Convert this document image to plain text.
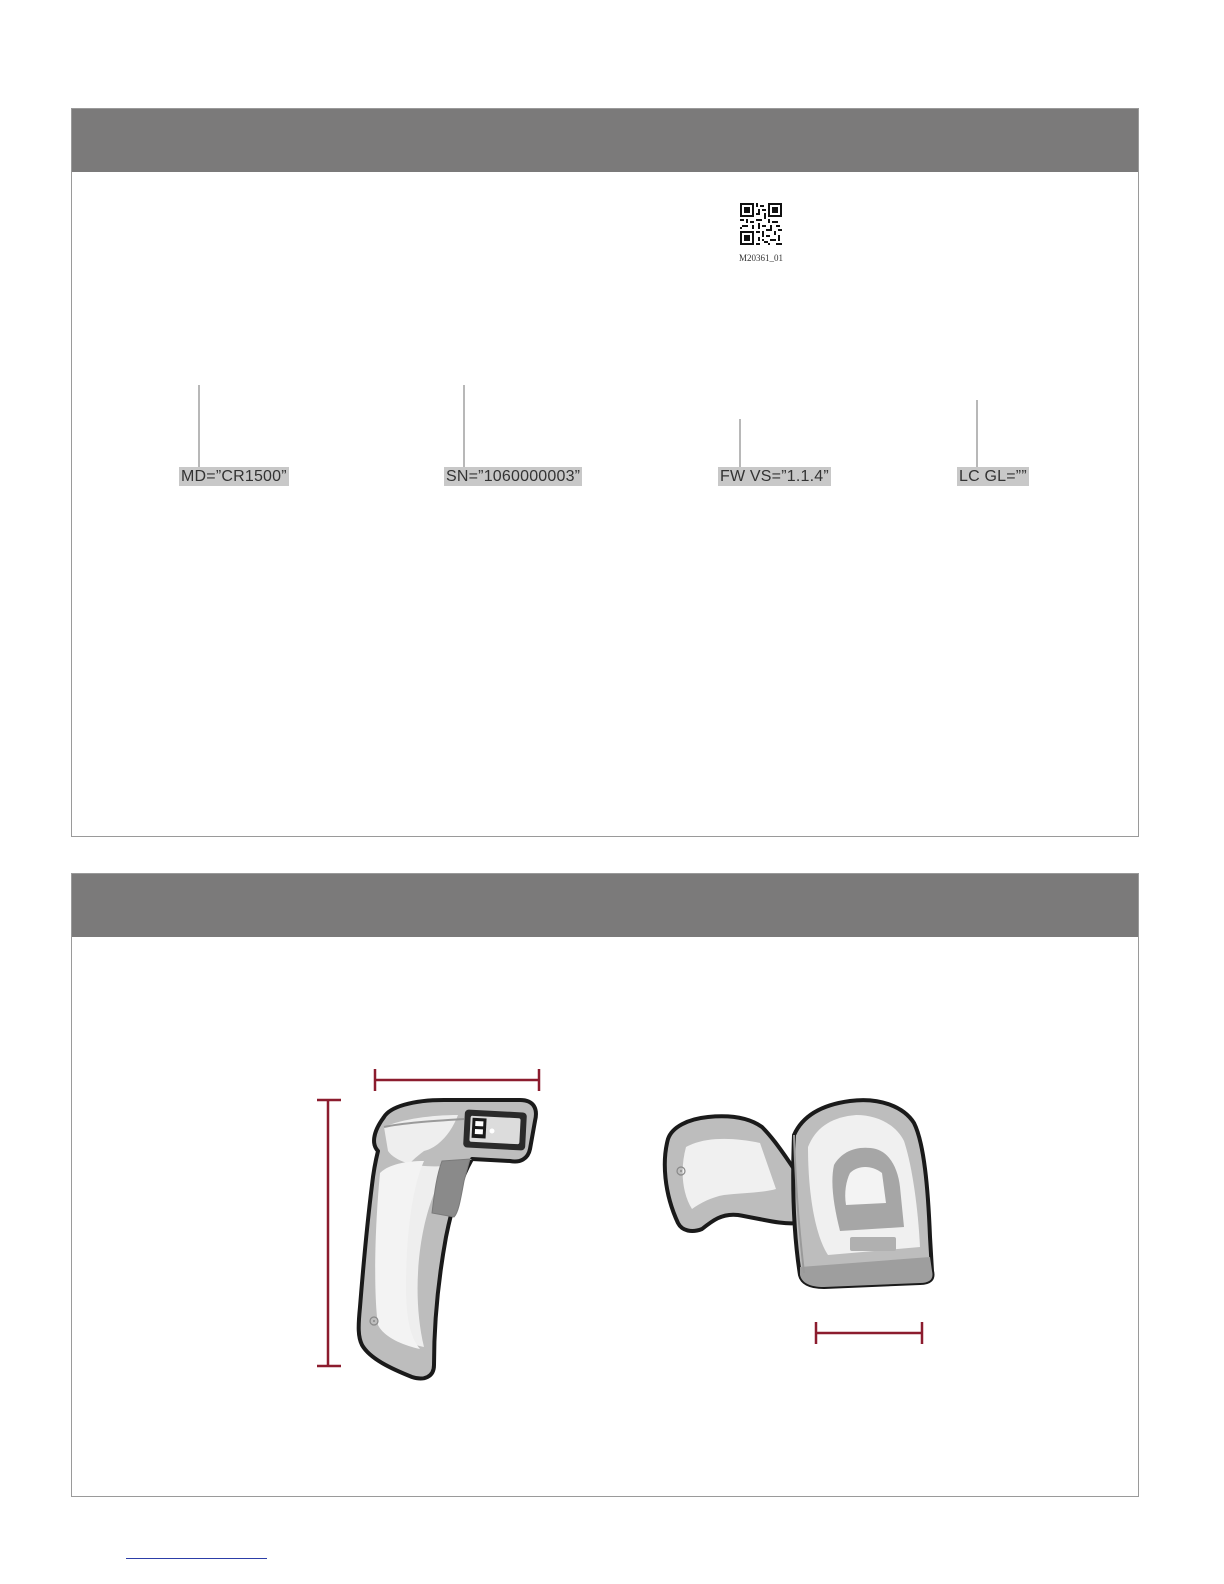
M20361_01
MD=”CR1500”	SN=”1060000003”	FW VS=”1.1.4”	LC GL=””
